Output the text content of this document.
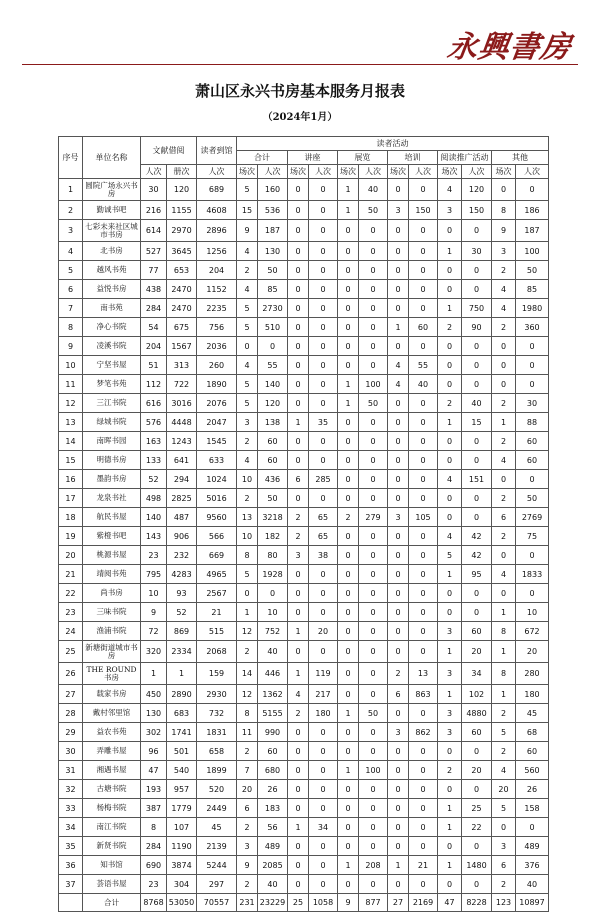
永興書房
萧山区永兴书房基本服务月报表
（2024年1月）
序号	单位名称	文献借阅		读者到馆	读者活动											
					合计		讲座		展览		培训		阅读推广活动		其他	
		人次	册次	人次	场次	人次	场次	人次	场次	人次	场次	人次	场次	人次	场次	人次
1	圆院广场永兴书房	30	120	689	5	160	0	0	1	40	0	0	4	120	0	0
2	勤诚书吧	216	1155	4608	15	536	0	0	1	50	3	150	3	150	8	186
3	七彩未来社区城市书房	614	2970	2896	9	187	0	0	0	0	0	0	0	0	9	187
4	北书房	527	3645	1256	4	130	0	0	0	0	0	0	1	30	3	100
5	越风书苑	77	653	204	2	50	0	0	0	0	0	0	0	0	2	50
6	益悦书房	438	2470	1152	4	85	0	0	0	0	0	0	0	0	4	85
7	南书苑	284	2470	2235	5	2730	0	0	0	0	0	0	1	750	4	1980
8	净心书院	54	675	756	5	510	0	0	0	0	1	60	2	90	2	360
9	凌溪书院	204	1567	2036	0	0	0	0	0	0	0	0	0	0	0	0
10	宁坚书屋	51	313	260	4	55	0	0	0	0	4	55	0	0	0	0
11	梦笔书苑	112	722	1890	5	140	0	0	1	100	4	40	0	0	0	0
12	三江书院	616	3016	2076	5	120	0	0	1	50	0	0	2	40	2	30
13	绿城书院	576	4448	2047	3	138	1	35	0	0	0	0	1	15	1	88
14	南晖书园	163	1243	1545	2	60	0	0	0	0	0	0	0	0	2	60
15	明德书房	133	641	633	4	60	0	0	0	0	0	0	0	0	4	60
16	墨韵书房	52	294	1024	10	436	6	285	0	0	0	0	4	151	0	0
17	龙泉书社	498	2825	5016	2	50	0	0	0	0	0	0	0	0	2	50
18	航民书屋	140	487	9560	13	3218	2	65	2	279	3	105	0	0	6	2769
19	紫橙书吧	143	906	566	10	182	2	65	0	0	0	0	4	42	2	75
20	桃源书屋	23	232	669	8	80	3	38	0	0	0	0	5	42	0	0
21	靖阅书苑	795	4283	4965	5	1928	0	0	0	0	0	0	1	95	4	1833
22	尚书房	10	93	2567	0	0	0	0	0	0	0	0	0	0	0	0
23	三味书院	9	52	21	1	10	0	0	0	0	0	0	0	0	1	10
24	渔浦书院	72	869	515	12	752	1	20	0	0	0	0	3	60	8	672
25	新塘街道城市书房	320	2334	2068	2	40	0	0	0	0	0	0	1	20	1	20
26	THE ROUND书房	1	1	159	14	446	1	119	0	0	2	13	3	34	8	280
27	载家书房	450	2890	2930	12	1362	4	217	0	0	6	863	1	102	1	180
28	戴村邻里馆	130	683	732	8	5155	2	180	1	50	0	0	3	4880	2	45
29	益农书苑	302	1741	1831	11	990	0	0	0	0	3	862	3	60	5	68
30	弄雕书屋	96	501	658	2	60	0	0	0	0	0	0	0	0	2	60
31	湘遇书屋	47	540	1899	7	680	0	0	1	100	0	0	2	20	4	560
32	古塘书院	193	957	520	20	26	0	0	0	0	0	0	0	0	20	26
33	杨梅书院	387	1779	2449	6	183	0	0	0	0	0	0	1	25	5	158
34	南江书院	8	107	45	2	56	1	34	0	0	0	0	1	22	0	0
35	新贤书院	284	1190	2139	3	489	0	0	0	0	0	0	0	0	3	489
36	知书馆	690	3874	5244	9	2085	0	0	1	208	1	21	1	1480	6	376
37	荟语书屋	23	304	297	2	40	0	0	0	0	0	0	0	0	2	40
	合计	8768	53050	70557	231	23229	25	1058	9	877	27	2169	47	8228	123	10897
